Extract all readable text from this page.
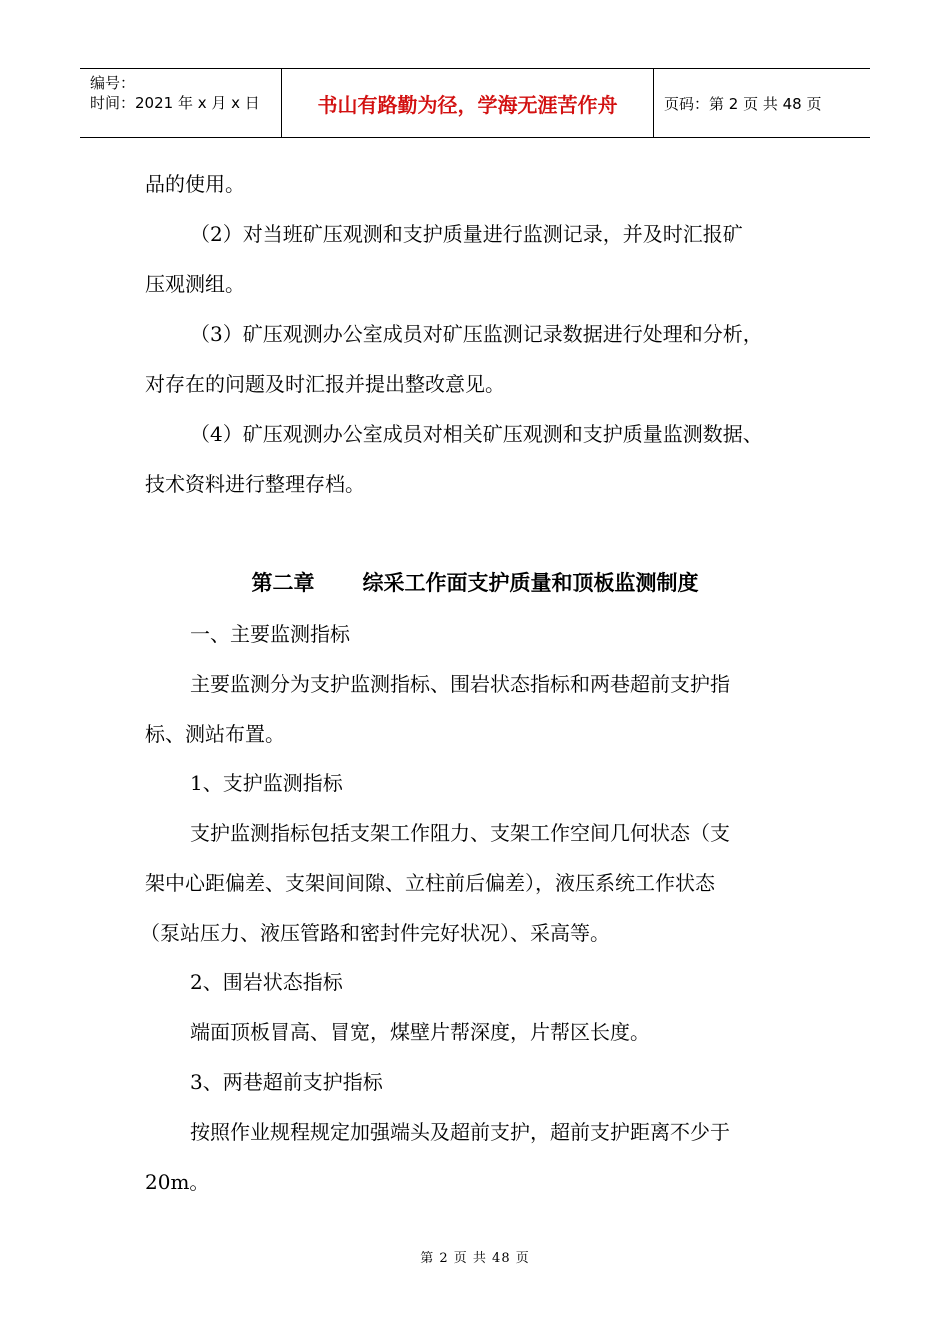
编号：
时间：2021 年 x 月 x 日	书山有路勤为径，学海无涯苦作舟	页码：第 2 页 共 48 页
品的使用。
（2）对当班矿压观测和支护质量进行监测记录，并及时汇报矿
压观测组。
（3）矿压观测办公室成员对矿压监测记录数据进行处理和分析，
对存在的问题及时汇报并提出整改意见。
（4）矿压观测办公室成员对相关矿压观测和支护质量监测数据、
技术资料进行整理存档。
第二章 综采工作面支护质量和顶板监测制度
一、主要监测指标
主要监测分为支护监测指标、围岩状态指标和两巷超前支护指
标、测站布置。
1、支护监测指标
支护监测指标包括支架工作阻力、支架工作空间几何状态（支
架中心距偏差、支架间间隙、立柱前后偏差），液压系统工作状态
（泵站压力、液压管路和密封件完好状况）、采高等。
2、围岩状态指标
端面顶板冒高、冒宽，煤壁片帮深度，片帮区长度。
3、两巷超前支护指标
按照作业规程规定加强端头及超前支护，超前支护距离不少于
20m。
第 2 页 共 48 页
